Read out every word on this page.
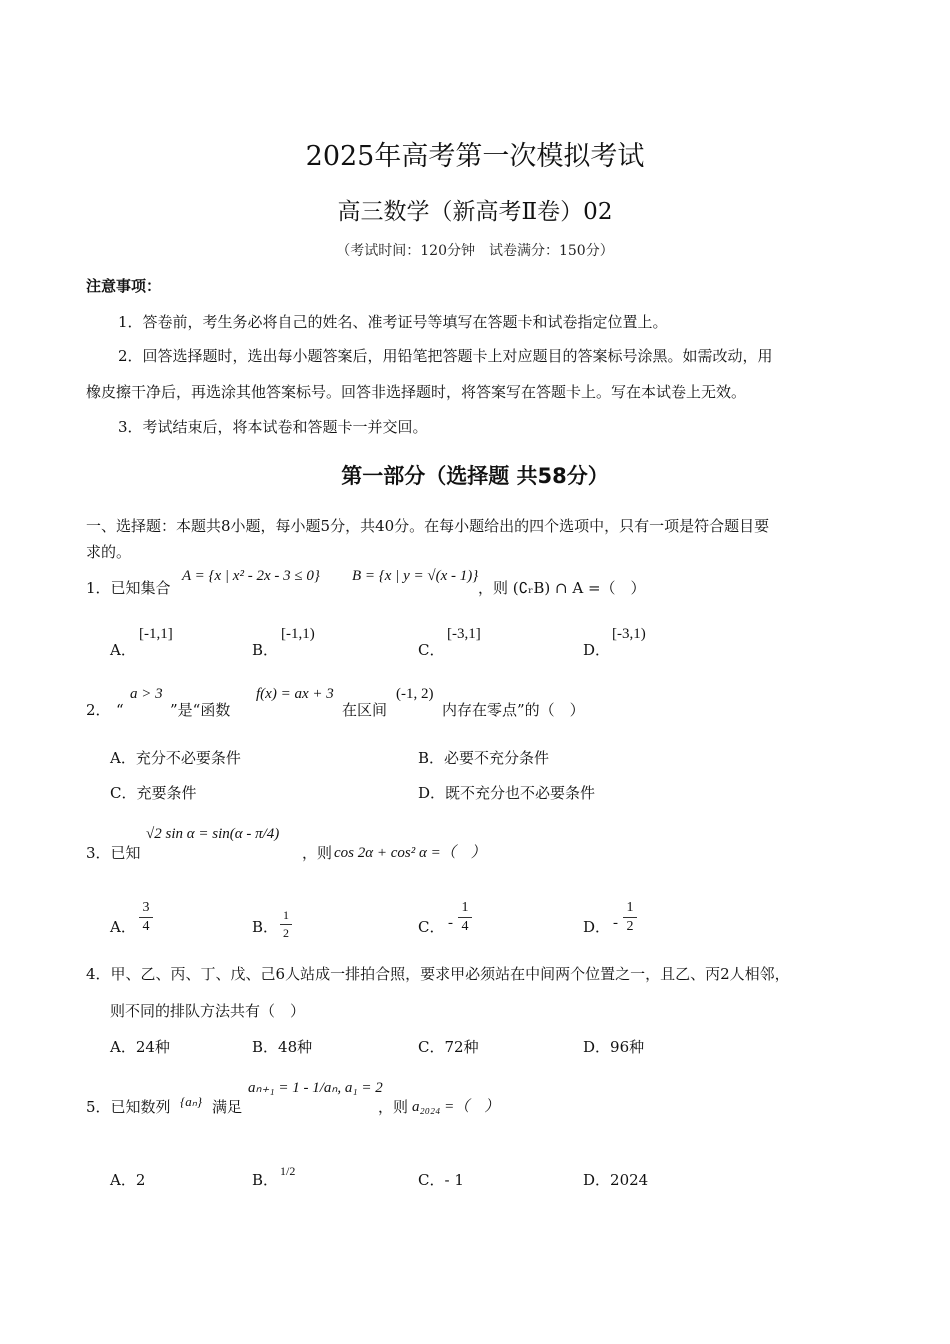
2025年高考第一次模拟考试
高三数学（新高考Ⅱ卷）02
（考试时间：120分钟　试卷满分：150分）
注意事项：
1．答卷前，考生务必将自己的姓名、准考证号等填写在答题卡和试卷指定位置上。
2．回答选择题时，选出每小题答案后，用铅笔把答题卡上对应题目的答案标号涂黑。如需改动，用
橡皮擦干净后，再选涂其他答案标号。回答非选择题时，将答案写在答题卡上。写在本试卷上无效。
3．考试结束后，将本试卷和答题卡一并交回。
第一部分（选择题 共58分）
一、选择题：本题共8小题，每小题5分，共40分。在每小题给出的四个选项中，只有一项是符合题目要
求的。
1．已知集合
A = {x | x² - 2x - 3 ≤ 0} B = {x | y = √(x - 1)}
，则 (∁ᵣB) ∩ A =（　）
A．
[-1,1]
B．
[-1,1)
C．
[-3,1]
D．
[-3,1)
2． “
a > 3
”是“函数
f(x) = ax + 3
在区间
(-1, 2)
内存在零点”的（　）
A．充分不必要条件	B．必要不充分条件
C．充要条件	D．既不充分也不必要条件
3．已知
√2 sin α = sin(α - π/4)
，则 cos 2α + cos² α =（　）
A．
3
4	B．
1
2	C． -
1
4	D． -
1
2
4．甲、乙、丙、丁、戊、己6人站成一排拍合照，要求甲必须站在中间两个位置之一，且乙、丙2人相邻，
则不同的排队方法共有（　）
A．24种	B．48种	C．72种	D．96种
5．已知数列 {aₙ} 满足
aₙ₊₁ = 1 - 1/aₙ, a₁ = 2
，则 a₂₀₂₄ =（　）
A．2	B． 1/2	C．- 1	D．2024
